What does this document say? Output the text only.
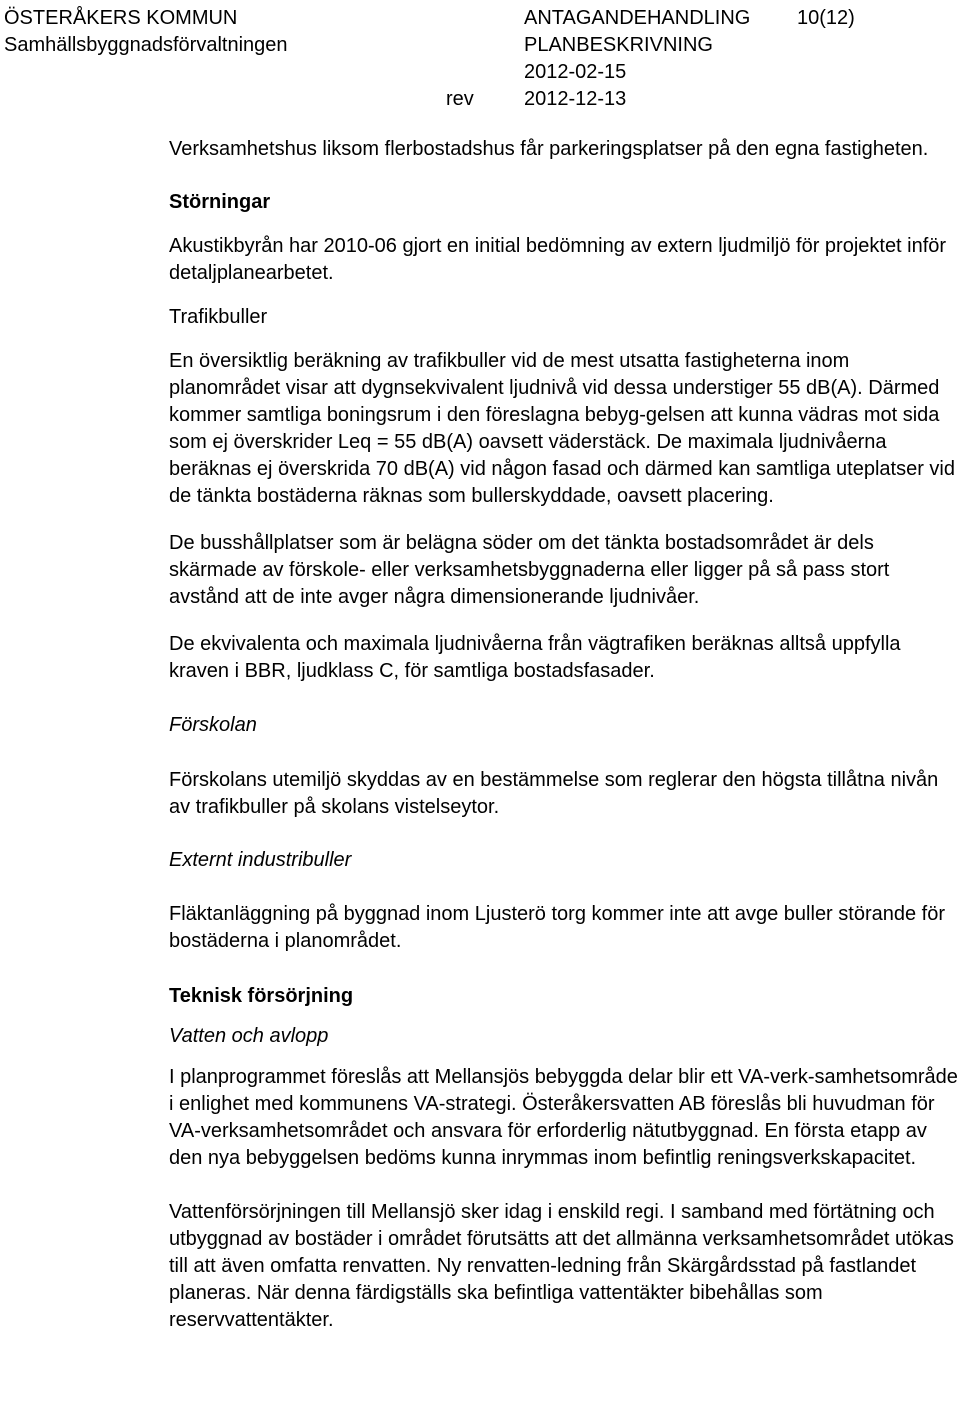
ÖSTERÅKERS KOMMUN
Samhällsbyggnadsförvaltningen
ANTAGANDEHANDLING 10(12)
PLANBESKRIVNING
2012-02-15
rev	2012-12-13

Verksamhetshus liksom flerbostadshus får parkeringsplatser på den egna fastigheten.

Störningar

Akustikbyrån har 2010-06 gjort en initial bedömning av extern ljudmiljö för projektet inför detaljplanearbetet.

Trafikbuller

En översiktlig beräkning av trafikbuller vid de mest utsatta fastigheterna inom planområdet visar att dygnsekvivalent ljudnivå vid dessa understiger 55 dB(A). Därmed kommer samtliga boningsrum i den föreslagna bebyg-gelsen att kunna vädras mot sida som ej överskrider Leq = 55 dB(A) oavsett väderstäck. De maximala ljudnivåerna beräknas ej överskrida 70 dB(A) vid någon fasad och därmed kan samtliga uteplatser vid de tänkta bostäderna räknas som bullerskyddade, oavsett placering.

De busshållplatser som är belägna söder om det tänkta bostadsområdet är dels skärmade av förskole- eller verksamhetsbyggnaderna eller ligger på så pass stort avstånd att de inte avger några dimensionerande ljudnivåer.

De ekvivalenta och maximala ljudnivåerna från vägtrafiken beräknas alltså uppfylla kraven i BBR, ljudklass C, för samtliga bostadsfasader.

Förskolan

Förskolans utemiljö skyddas av en bestämmelse som reglerar den högsta tillåtna nivån av trafikbuller på skolans vistelseytor.

Externt industribuller

Fläktanläggning på byggnad inom Ljusterö torg kommer inte att avge buller störande för bostäderna i planområdet.

Teknisk försörjning

Vatten och avlopp

I planprogrammet föreslås att Mellansjös bebyggda delar blir ett VA-verk-samhetsområde i enlighet med kommunens VA-strategi. Österåkersvatten AB föreslås bli huvudman för VA-verksamhetsområdet och ansvara för erforderlig nätutbyggnad. En första etapp av den nya bebyggelsen bedöms kunna inrymmas inom befintlig reningsverkskapacitet.

Vattenförsörjningen till Mellansjö sker idag i enskild regi. I samband med förtätning och utbyggnad av bostäder i området förutsätts att det allmänna verksamhetsområdet utökas till att även omfatta renvatten. Ny renvatten-ledning från Skärgårdsstad på fastlandet planeras. När denna färdigställs ska befintliga vattentäkter bibehållas som reservvattentäkter.
